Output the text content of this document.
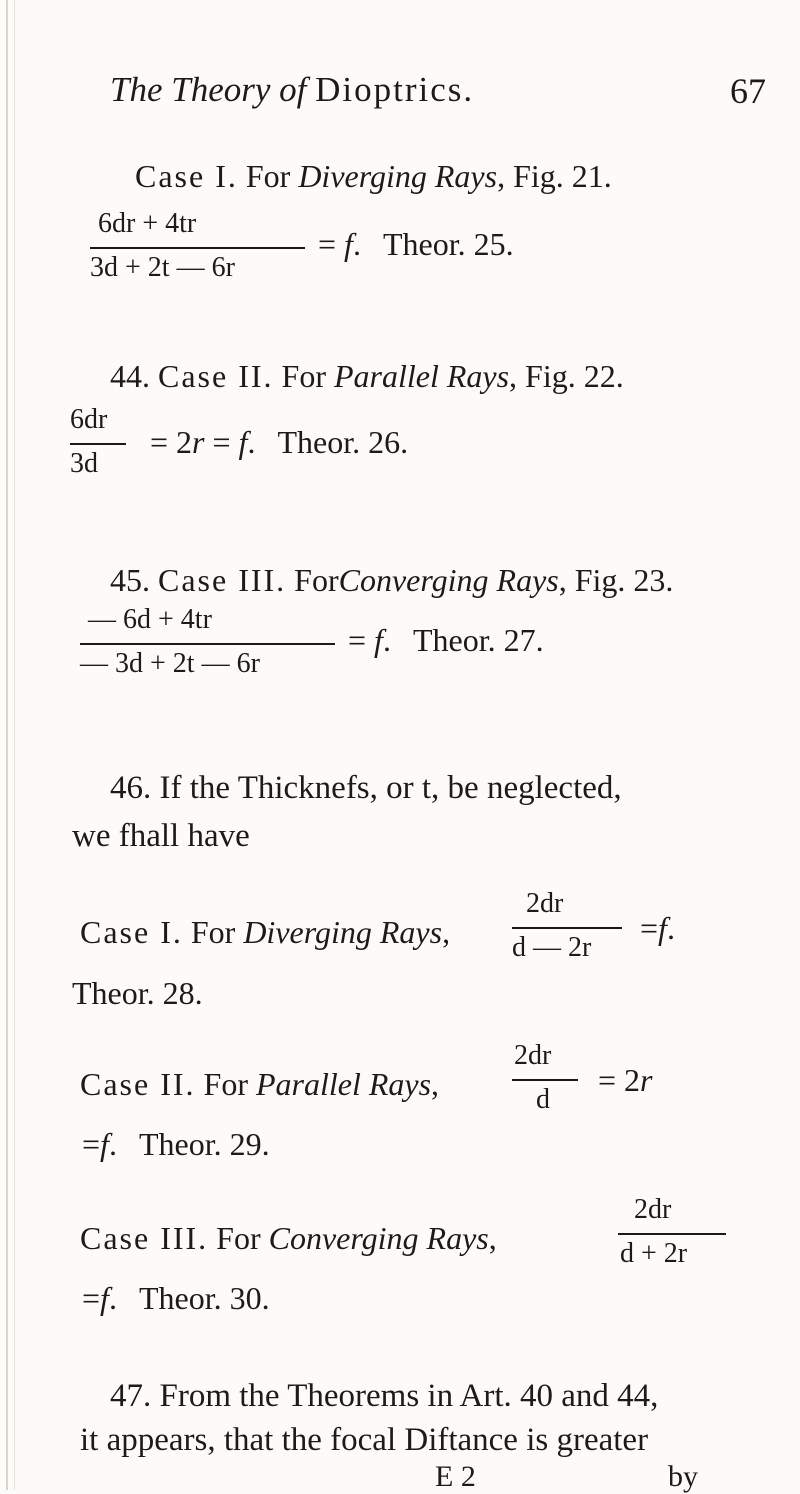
The Theory of Dioptrics.	67
Case I. For Diverging Rays, Fig. 21.
6dr + 4tr
3d + 2t — 6r
= f. Theor. 25.
44. Case II. For Parallel Rays, Fig. 22.
6dr
3d
= 2r = f. Theor. 26.
45. Case III. ForConverging Rays, Fig. 23.
— 6d + 4tr
— 3d + 2t — 6r
= f. Theor. 27.
46. If the Thicknefs, or t, be neglected,
we fhall have
Case I. For Diverging Rays,
2dr
d — 2r
=f.
Theor. 28.
Case II. For Parallel Rays,
2dr
d
= 2r
=f. Theor. 29.
Case III. For Converging Rays,
2dr
d + 2r
=f. Theor. 30.
47. From the Theorems in Art. 40 and 44,
it appears, that the focal Diftance is greater
E 2	by
